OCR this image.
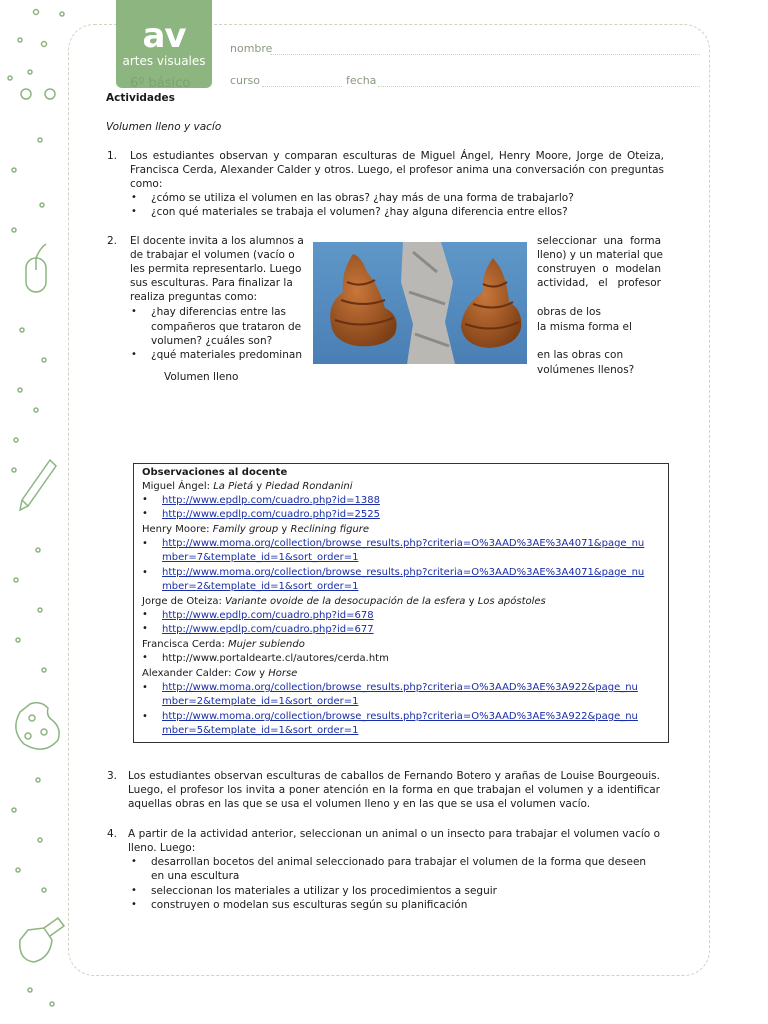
av
artes visuales
6º básico
nombre
curso	fecha
Actividades
Volumen lleno y vacío
1. Los estudiantes observan y comparan esculturas de Miguel Ángel, Henry Moore, Jorge de Oteiza, Francisca Cerda, Alexander Calder y otros. Luego, el profesor anima una conversación con preguntas como:
• ¿cómo se utiliza el volumen en las obras? ¿hay más de una forma de trabajarlo?
• ¿con qué materiales se trabaja el volumen? ¿hay alguna diferencia entre ellos?
2. El docente invita a los alumnos a
de trabajar el volumen (vacío o
les permita representarlo. Luego
sus esculturas. Para finalizar la
realiza preguntas como:
seleccionar una forma
lleno) y un material que
construyen o modelan
actividad, el profesor
• ¿hay diferencias entre las
compañeros que trataron de
volumen? ¿cuáles son?
obras de los
la misma forma el
• ¿qué materiales predominan	en las obras con
volúmenes llenos?
Volumen lleno
Observaciones al docente
Miguel Ángel: La Pietá y Piedad Rondanini
• http://www.epdlp.com/cuadro.php?id=1388
• http://www.epdlp.com/cuadro.php?id=2525
Henry Moore: Family group y Reclining figure
• http://www.moma.org/collection/browse_results.php?criteria=O%3AAD%3AE%3A4071&page_nu
mber=7&template_id=1&sort_order=1
• http://www.moma.org/collection/browse_results.php?criteria=O%3AAD%3AE%3A4071&page_nu
mber=2&template_id=1&sort_order=1
Jorge de Oteiza: Variante ovoide de la desocupación de la esfera y Los apóstoles
• http://www.epdlp.com/cuadro.php?id=678
• http://www.epdlp.com/cuadro.php?id=677
Francisca Cerda: Mujer subiendo
• http://www.portaldearte.cl/autores/cerda.htm
Alexander Calder: Cow y Horse
• http://www.moma.org/collection/browse_results.php?criteria=O%3AAD%3AE%3A922&page_nu
mber=2&template_id=1&sort_order=1
• http://www.moma.org/collection/browse_results.php?criteria=O%3AAD%3AE%3A922&page_nu
mber=5&template_id=1&sort_order=1
3. Los estudiantes observan esculturas de caballos de Fernando Botero y arañas de Louise Bourgeouis. Luego, el profesor los invita a poner atención en la forma en que trabajan el volumen y a identificar aquellas obras en las que se usa el volumen lleno y en las que se usa el volumen vacío.
4. A partir de la actividad anterior, seleccionan un animal o un insecto para trabajar el volumen vacío o lleno. Luego:
• desarrollan bocetos del animal seleccionado para trabajar el volumen de la forma que deseen en una escultura
• seleccionan los materiales a utilizar y los procedimientos a seguir
• construyen o modelan sus esculturas según su planificación
